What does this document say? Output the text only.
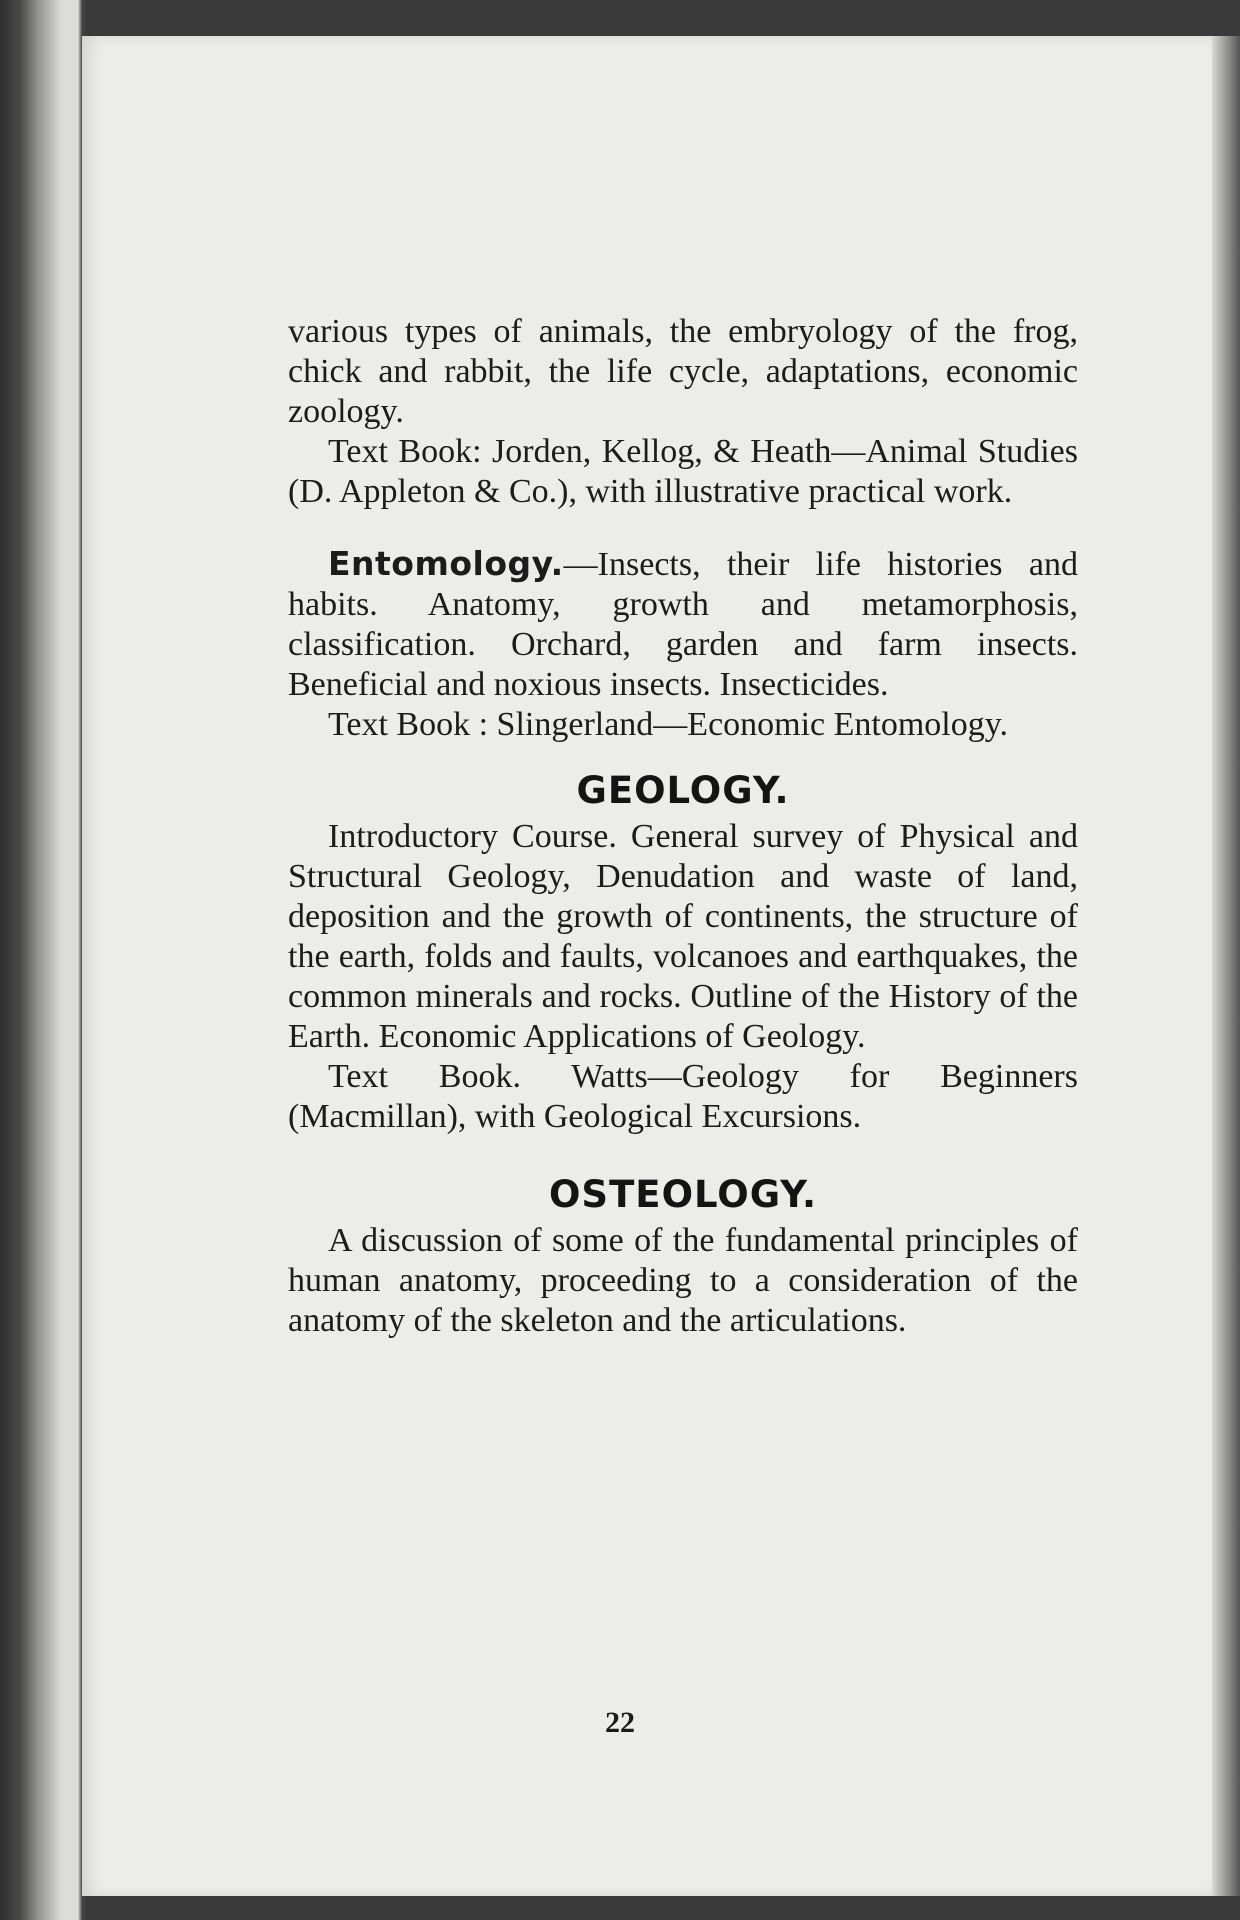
various types of animals, the embryology of the frog, chick and rabbit, the life cycle, adaptations, economic zoology.

Text Book: Jorden, Kellog, & Heath—Animal Studies (D. Appleton & Co.), with illustrative practical work.

Entomology.—Insects, their life histories and habits. Anatomy, growth and metamorphosis, classification. Orchard, garden and farm insects. Beneficial and noxious insects. Insecticides.

Text Book : Slingerland—Economic Entomology.

GEOLOGY.

Introductory Course. General survey of Physical and Structural Geology, Denudation and waste of land, deposition and the growth of continents, the structure of the earth, folds and faults, volcanoes and earthquakes, the common minerals and rocks. Outline of the History of the Earth. Economic Applications of Geology.

Text Book. Watts—Geology for Beginners (Macmillan), with Geological Excursions.

OSTEOLOGY.

A discussion of some of the fundamental principles of human anatomy, proceeding to a consideration of the anatomy of the skeleton and the articulations.

22
